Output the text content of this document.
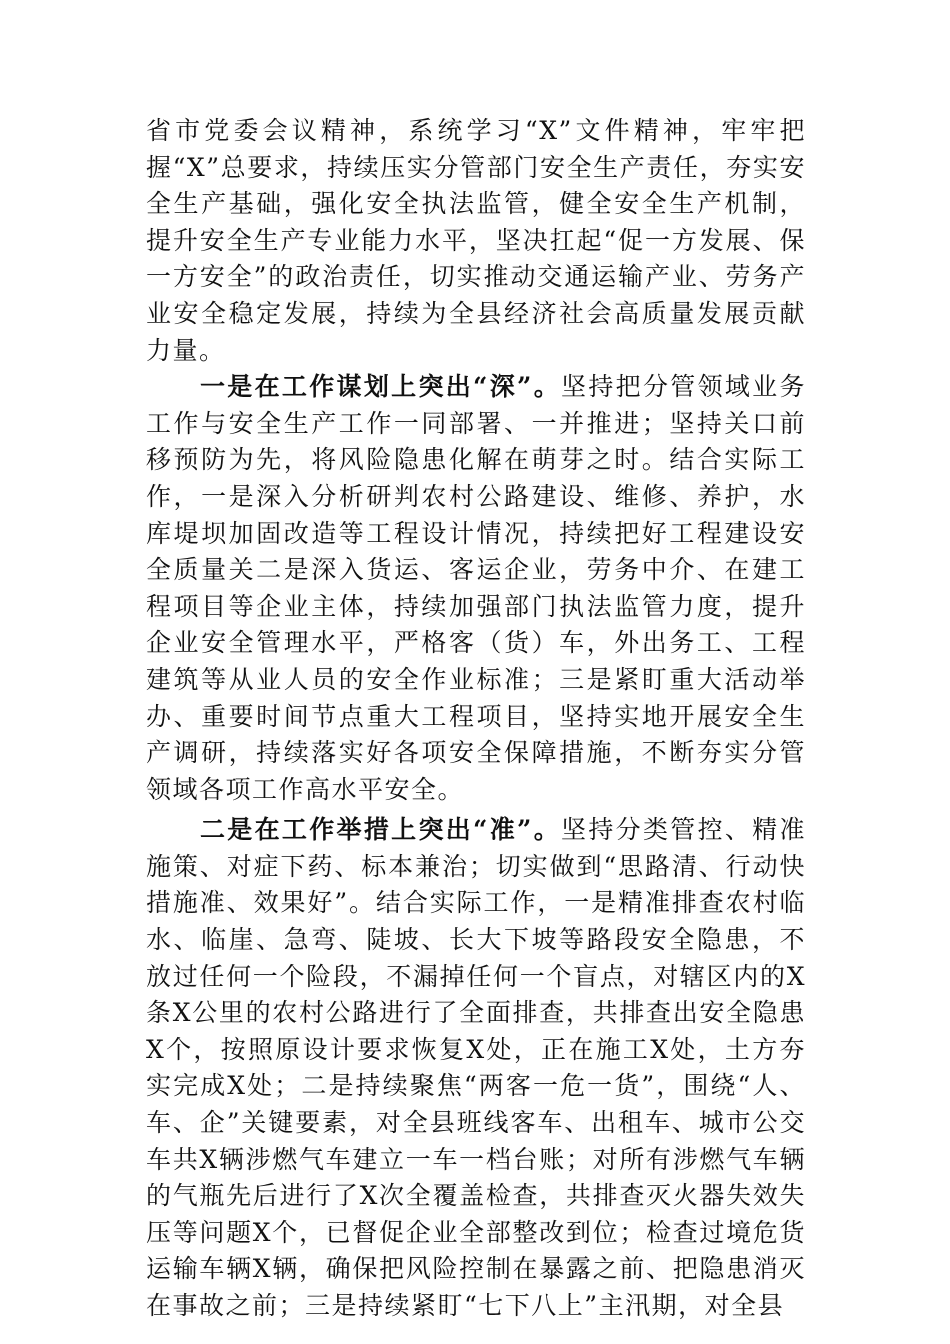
省市党委会议精神，系统学习“X”文件精神，牢牢把握“X”总要求，持续压实分管部门安全生产责任，夯实安全生产基础，强化安全执法监管，健全安全生产机制，提升安全生产专业能力水平，坚决扛起“促一方发展、保一方安全”的政治责任，切实推动交通运输产业、劳务产业安全稳定发展，持续为全县经济社会高质量发展贡献力量。

一是在工作谋划上突出“深”。坚持把分管领域业务工作与安全生产工作一同部署、一并推进；坚持关口前移预防为先，将风险隐患化解在萌芽之时。结合实际工作，一是深入分析研判农村公路建设、维修、养护，水库堤坝加固改造等工程设计情况，持续把好工程建设安全质量关二是深入货运、客运企业，劳务中介、在建工程项目等企业主体，持续加强部门执法监管力度，提升企业安全管理水平，严格客（货）车，外出务工、工程建筑等从业人员的安全作业标准；三是紧盯重大活动举办、重要时间节点重大工程项目，坚持实地开展安全生产调研，持续落实好各项安全保障措施，不断夯实分管领域各项工作高水平安全。

二是在工作举措上突出“准”。坚持分类管控、精准施策、对症下药、标本兼治；切实做到“思路清、行动快措施准、效果好”。结合实际工作，一是精准排查农村临水、临崖、急弯、陡坡、长大下坡等路段安全隐患，不放过任何一个险段，不漏掉任何一个盲点，对辖区内的X条X公里的农村公路进行了全面排查，共排查出安全隐患X个，按照原设计要求恢复X处，正在施工X处，土方夯实完成X处；二是持续聚焦“两客一危一货”，围绕“人、车、企”关键要素，对全县班线客车、出租车、城市公交车共X辆涉燃气车建立一车一档台账；对所有涉燃气车辆的气瓶先后进行了X次全覆盖检查，共排查灭火器失效失压等问题X个，已督促企业全部整改到位；检查过境危货运输车辆X辆，确保把风险控制在暴露之前、把隐患消灭在事故之前；三是持续紧盯“七下八上”主汛期，对全县
